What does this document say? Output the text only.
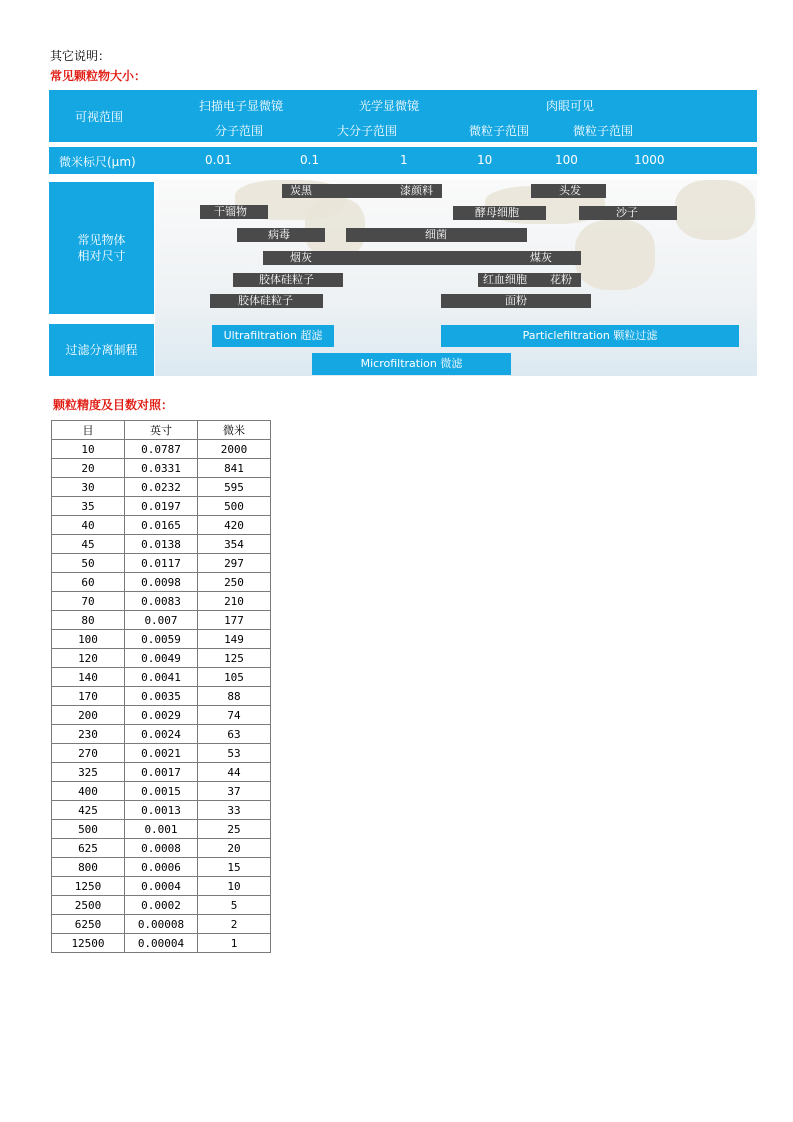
其它说明：
常见颗粒物大小：
可视范围
扫描电子显微镜	光学显微镜	肉眼可见
分子范围	大分子范围	微粒子范围	微粒子范围
微米标尺(μm)	0.01	0.1	1	10	100	1000
常见物体
相对尺寸
过滤分离制程
炭黑	漆颜料	头发
干镏物	酵母细胞	沙子
病毒	细菌
烟灰	煤灰
胶体硅粒子	红血细胞 花粉
胶体硅粒子	面粉
Ultrafiltration 超滤	Particlefiltration 颗粒过滤
Microfiltration 微滤
颗粒精度及目数对照：
目	英寸	微米
10	0.0787	2000
20	0.0331	841
30	0.0232	595
35	0.0197	500
40	0.0165	420
45	0.0138	354
50	0.0117	297
60	0.0098	250
70	0.0083	210
80	0.007	177
100	0.0059	149
120	0.0049	125
140	0.0041	105
170	0.0035	88
200	0.0029	74
230	0.0024	63
270	0.0021	53
325	0.0017	44
400	0.0015	37
425	0.0013	33
500	0.001	25
625	0.0008	20
800	0.0006	15
1250	0.0004	10
2500	0.0002	5
6250	0.00008	2
12500	0.00004	1
